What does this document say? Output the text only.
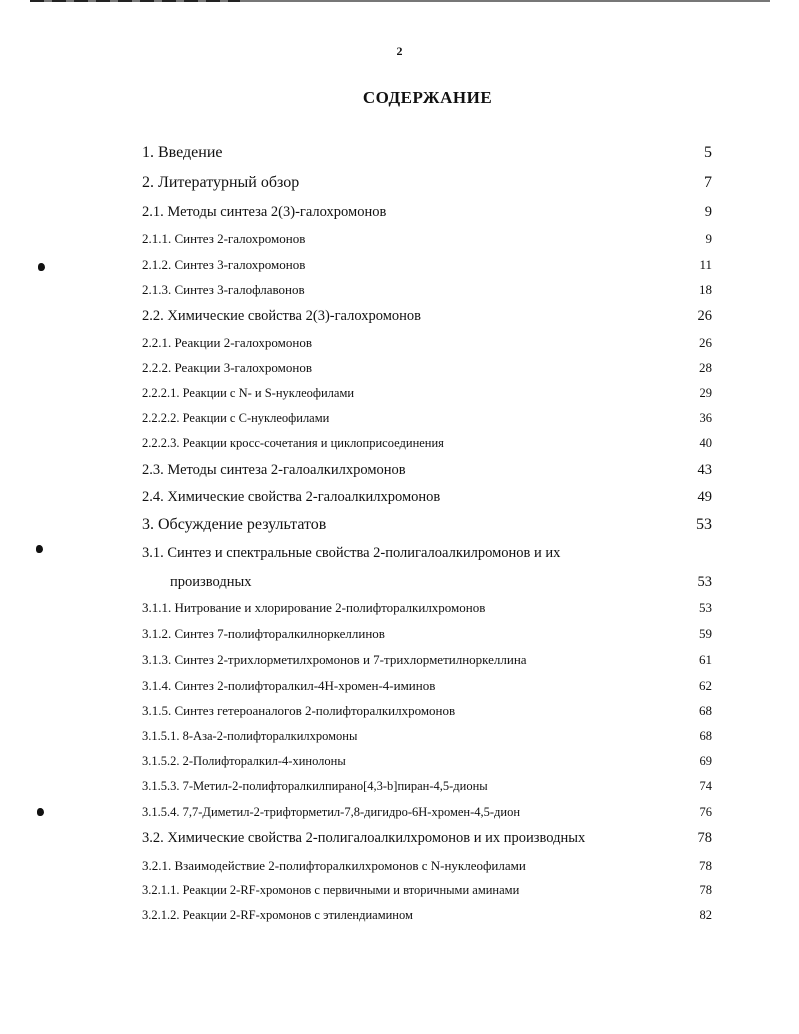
2
СОДЕРЖАНИЕ
1. Введение	5
2. Литературный обзор	7
2.1. Методы синтеза 2(3)-галохромонов	9
2.1.1. Синтез 2-галохромонов	9
2.1.2. Синтез 3-галохромонов	11
2.1.3. Синтез 3-галофлавонов	18
2.2. Химические свойства 2(3)-галохромонов	26
2.2.1. Реакции 2-галохромонов	26
2.2.2. Реакции 3-галохромонов	28
2.2.2.1. Реакции с N- и S-нуклеофилами	29
2.2.2.2. Реакции с C-нуклеофилами	36
2.2.2.3. Реакции кросс-сочетания и циклоприсоединения	40
2.3. Методы синтеза 2-галоалкилхромонов	43
2.4. Химические свойства 2-галоалкилхромонов	49
3. Обсуждение результатов	53
3.1. Синтез и спектральные свойства 2-полигалоалкилромонов и их
производных	53
3.1.1. Нитрование и хлорирование 2-полифторалкилхромонов	53
3.1.2. Синтез 7-полифторалкилноркеллинов	59
3.1.3. Синтез 2-трихлорметилхромонов и 7-трихлорметилноркеллина	61
3.1.4. Синтез 2-полифторалкил-4H-хромен-4-иминов	62
3.1.5. Синтез гетероаналогов 2-полифторалкилхромонов	68
3.1.5.1. 8-Аза-2-полифторалкилхромоны	68
3.1.5.2. 2-Полифторалкил-4-хинолоны	69
3.1.5.3. 7-Метил-2-полифторалкилпирано[4,3-b]пиран-4,5-дионы	74
3.1.5.4. 7,7-Диметил-2-трифторметил-7,8-дигидро-6H-хромен-4,5-дион	76
3.2. Химические свойства 2-полигалоалкилхромонов и их производных	78
3.2.1. Взаимодействие 2-полифторалкилхромонов с N-нуклеофилами	78
3.2.1.1. Реакции 2-RF-хромонов с первичными и вторичными аминами	78
3.2.1.2. Реакции 2-RF-хромонов с этилендиамином	82
